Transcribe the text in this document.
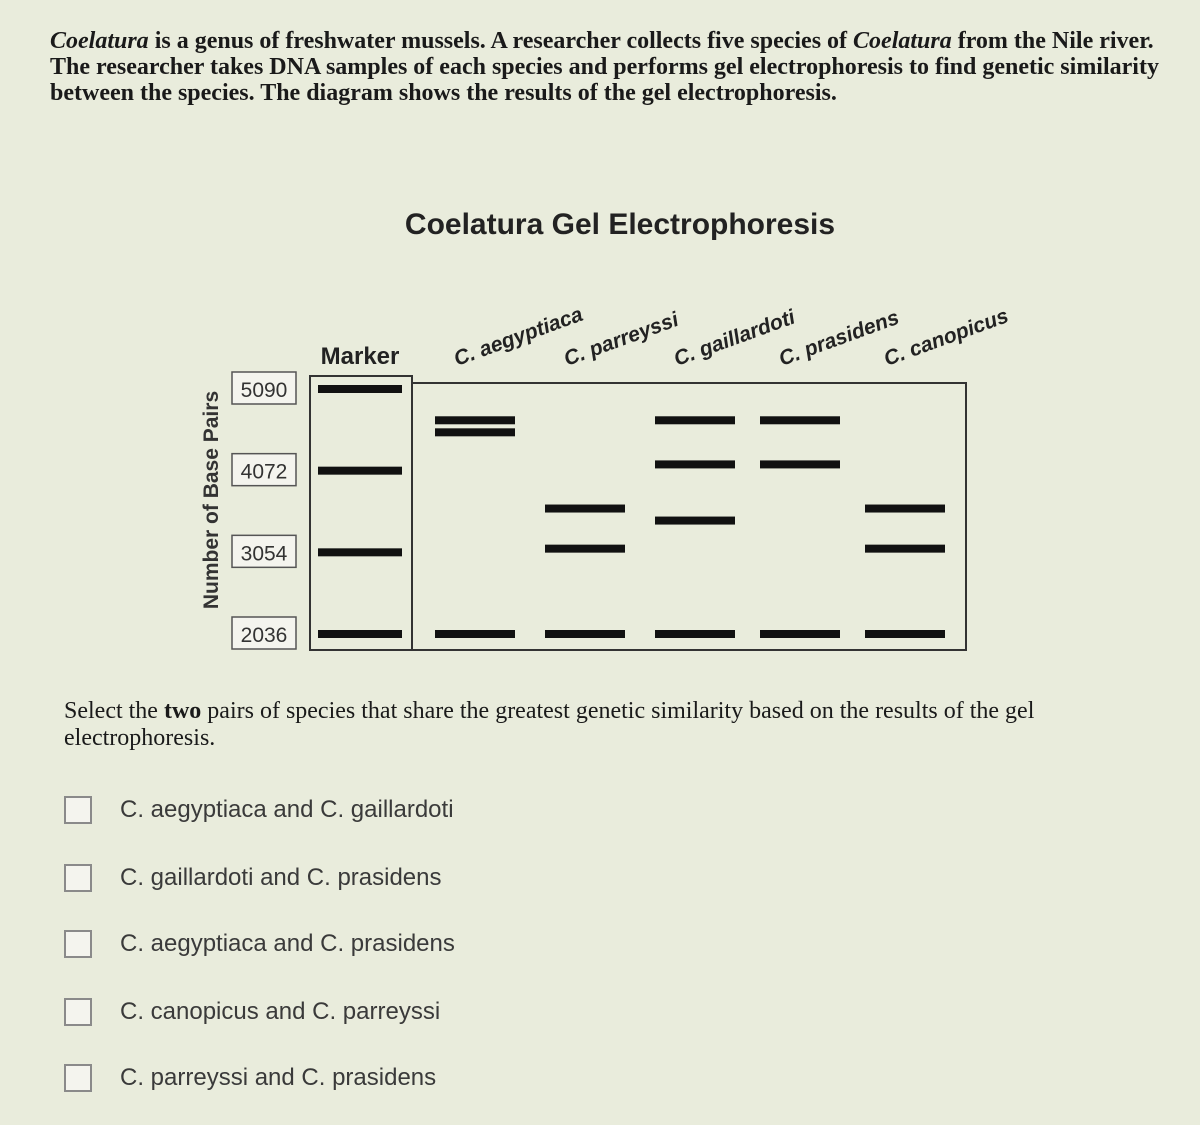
Coelatura is a genus of freshwater mussels. A researcher collects five species of Coelatura from the Nile river. The researcher takes DNA samples of each species and performs gel electrophoresis to find genetic similarity between the species. The diagram shows the results of the gel electrophoresis.
Coelatura Gel Electrophoresis
Number of Base Pairs
Marker
5090
4072
3054
2036
C. aegyptiaca
C. parreyssi
C. gaillardoti
C. prasidens
C. canopicus
Select the two pairs of species that share the greatest genetic similarity based on the results of the gel electrophoresis.
C. aegyptiaca and C. gaillardoti
C. gaillardoti and C. prasidens
C. aegyptiaca and C. prasidens
C. canopicus and C. parreyssi
C. parreyssi and C. prasidens
